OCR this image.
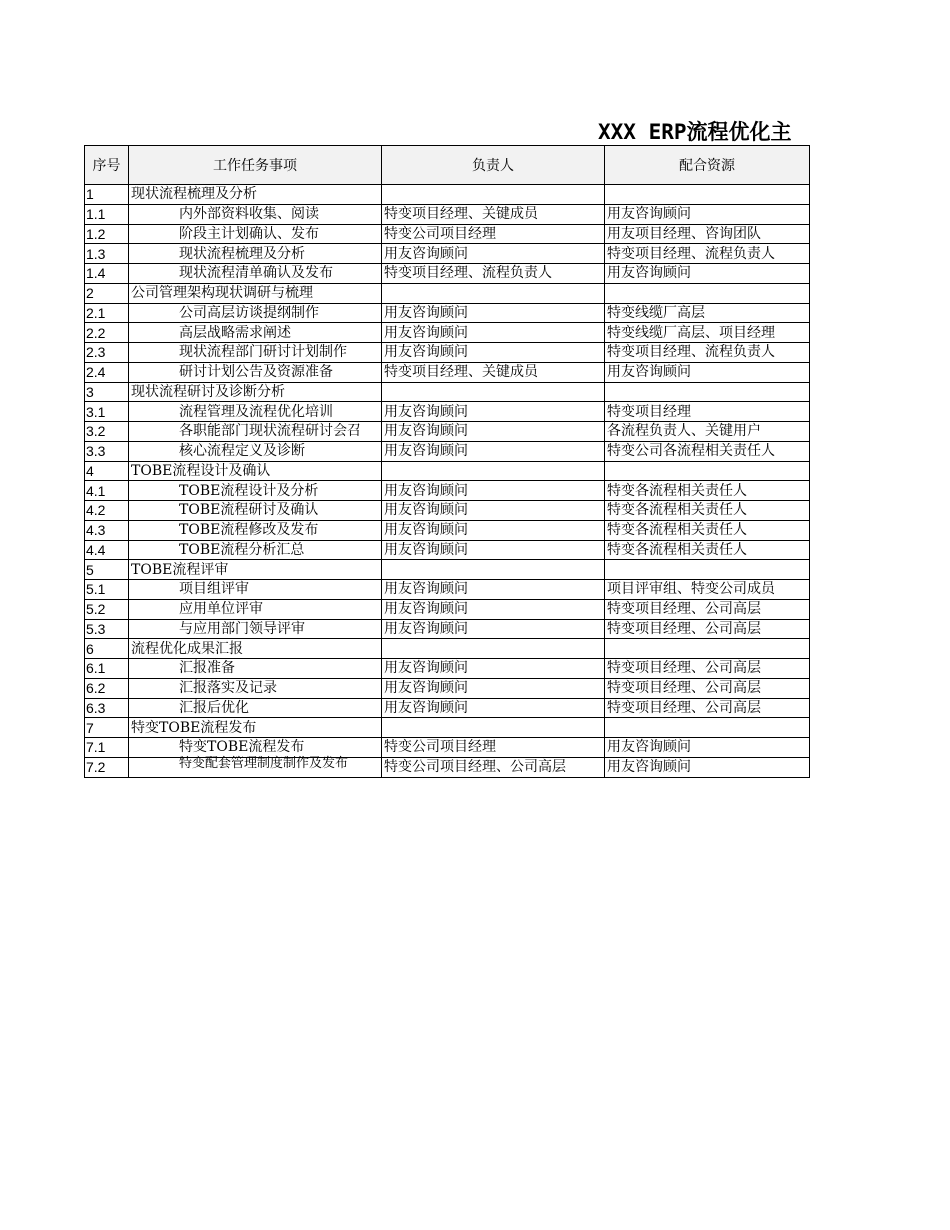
XXX ERP流程优化主
序号	工作任务事项	负责人	配合资源
1	现状流程梳理及分析		
1.1	内外部资料收集、阅读	特变项目经理、关键成员	用友咨询顾问
1.2	阶段主计划确认、发布	特变公司项目经理	用友项目经理、咨询团队
1.3	现状流程梳理及分析	用友咨询顾问	特变项目经理、流程负责人
1.4	现状流程清单确认及发布	特变项目经理、流程负责人	用友咨询顾问
2	公司管理架构现状调研与梳理		
2.1	公司高层访谈提纲制作	用友咨询顾问	特变线缆厂高层
2.2	高层战略需求阐述	用友咨询顾问	特变线缆厂高层、项目经理
2.3	现状流程部门研讨计划制作	用友咨询顾问	特变项目经理、流程负责人
2.4	研讨计划公告及资源准备	特变项目经理、关键成员	用友咨询顾问
3	现状流程研讨及诊断分析		
3.1	流程管理及流程优化培训	用友咨询顾问	特变项目经理
3.2	各职能部门现状流程研讨会召	用友咨询顾问	各流程负责人、关键用户
3.3	核心流程定义及诊断	用友咨询顾问	特变公司各流程相关责任人
4	TOBE流程设计及确认		
4.1	TOBE流程设计及分析	用友咨询顾问	特变各流程相关责任人
4.2	TOBE流程研讨及确认	用友咨询顾问	特变各流程相关责任人
4.3	TOBE流程修改及发布	用友咨询顾问	特变各流程相关责任人
4.4	TOBE流程分析汇总	用友咨询顾问	特变各流程相关责任人
5	TOBE流程评审		
5.1	项目组评审	用友咨询顾问	项目评审组、特变公司成员
5.2	应用单位评审	用友咨询顾问	特变项目经理、公司高层
5.3	与应用部门领导评审	用友咨询顾问	特变项目经理、公司高层
6	流程优化成果汇报		
6.1	汇报准备	用友咨询顾问	特变项目经理、公司高层
6.2	汇报落实及记录	用友咨询顾问	特变项目经理、公司高层
6.3	汇报后优化	用友咨询顾问	特变项目经理、公司高层
7	特变TOBE流程发布		
7.1	特变TOBE流程发布	特变公司项目经理	用友咨询顾问
7.2	特变配套管理制度制作及发布	特变公司项目经理、公司高层	用友咨询顾问
